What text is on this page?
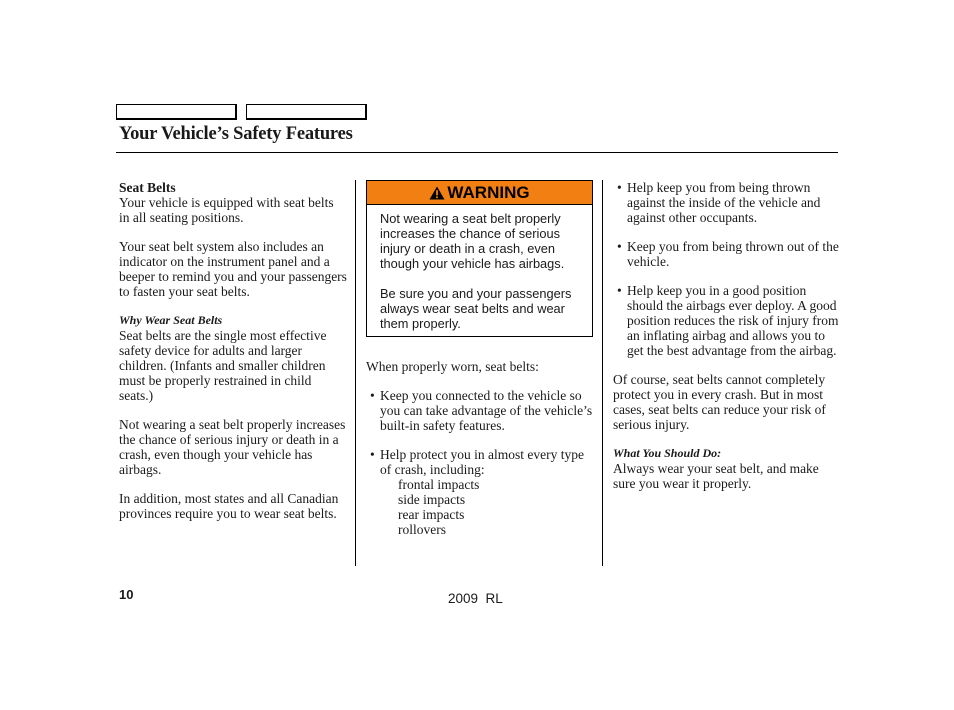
Your Vehicle’s Safety Features
Seat Belts
Your vehicle is equipped with seat belts in all seating positions.
Your seat belt system also includes an indicator on the instrument panel and a beeper to remind you and your passengers to fasten your seat belts.
Why Wear Seat Belts
Seat belts are the single most effective safety device for adults and larger children. (Infants and smaller children must be properly restrained in child seats.)
Not wearing a seat belt properly increases the chance of serious injury or death in a crash, even though your vehicle has airbags.
In addition, most states and all Canadian provinces require you to wear seat belts.
WARNING
Not wearing a seat belt properly increases the chance of serious injury or death in a crash, even though your vehicle has airbags.
Be sure you and your passengers always wear seat belts and wear them properly.
When properly worn, seat belts:
• Keep you connected to the vehicle so you can take advantage of the vehicle’s built-in safety features.
• Help protect you in almost every type of crash, including:
frontal impacts
side impacts
rear impacts
rollovers
• Help keep you from being thrown against the inside of the vehicle and against other occupants.
• Keep you from being thrown out of the vehicle.
• Help keep you in a good position should the airbags ever deploy. A good position reduces the risk of injury from an inflating airbag and allows you to get the best advantage from the airbag.
Of course, seat belts cannot completely protect you in every crash. But in most cases, seat belts can reduce your risk of serious injury.
What You Should Do:
Always wear your seat belt, and make sure you wear it properly.
10	2009  RL
